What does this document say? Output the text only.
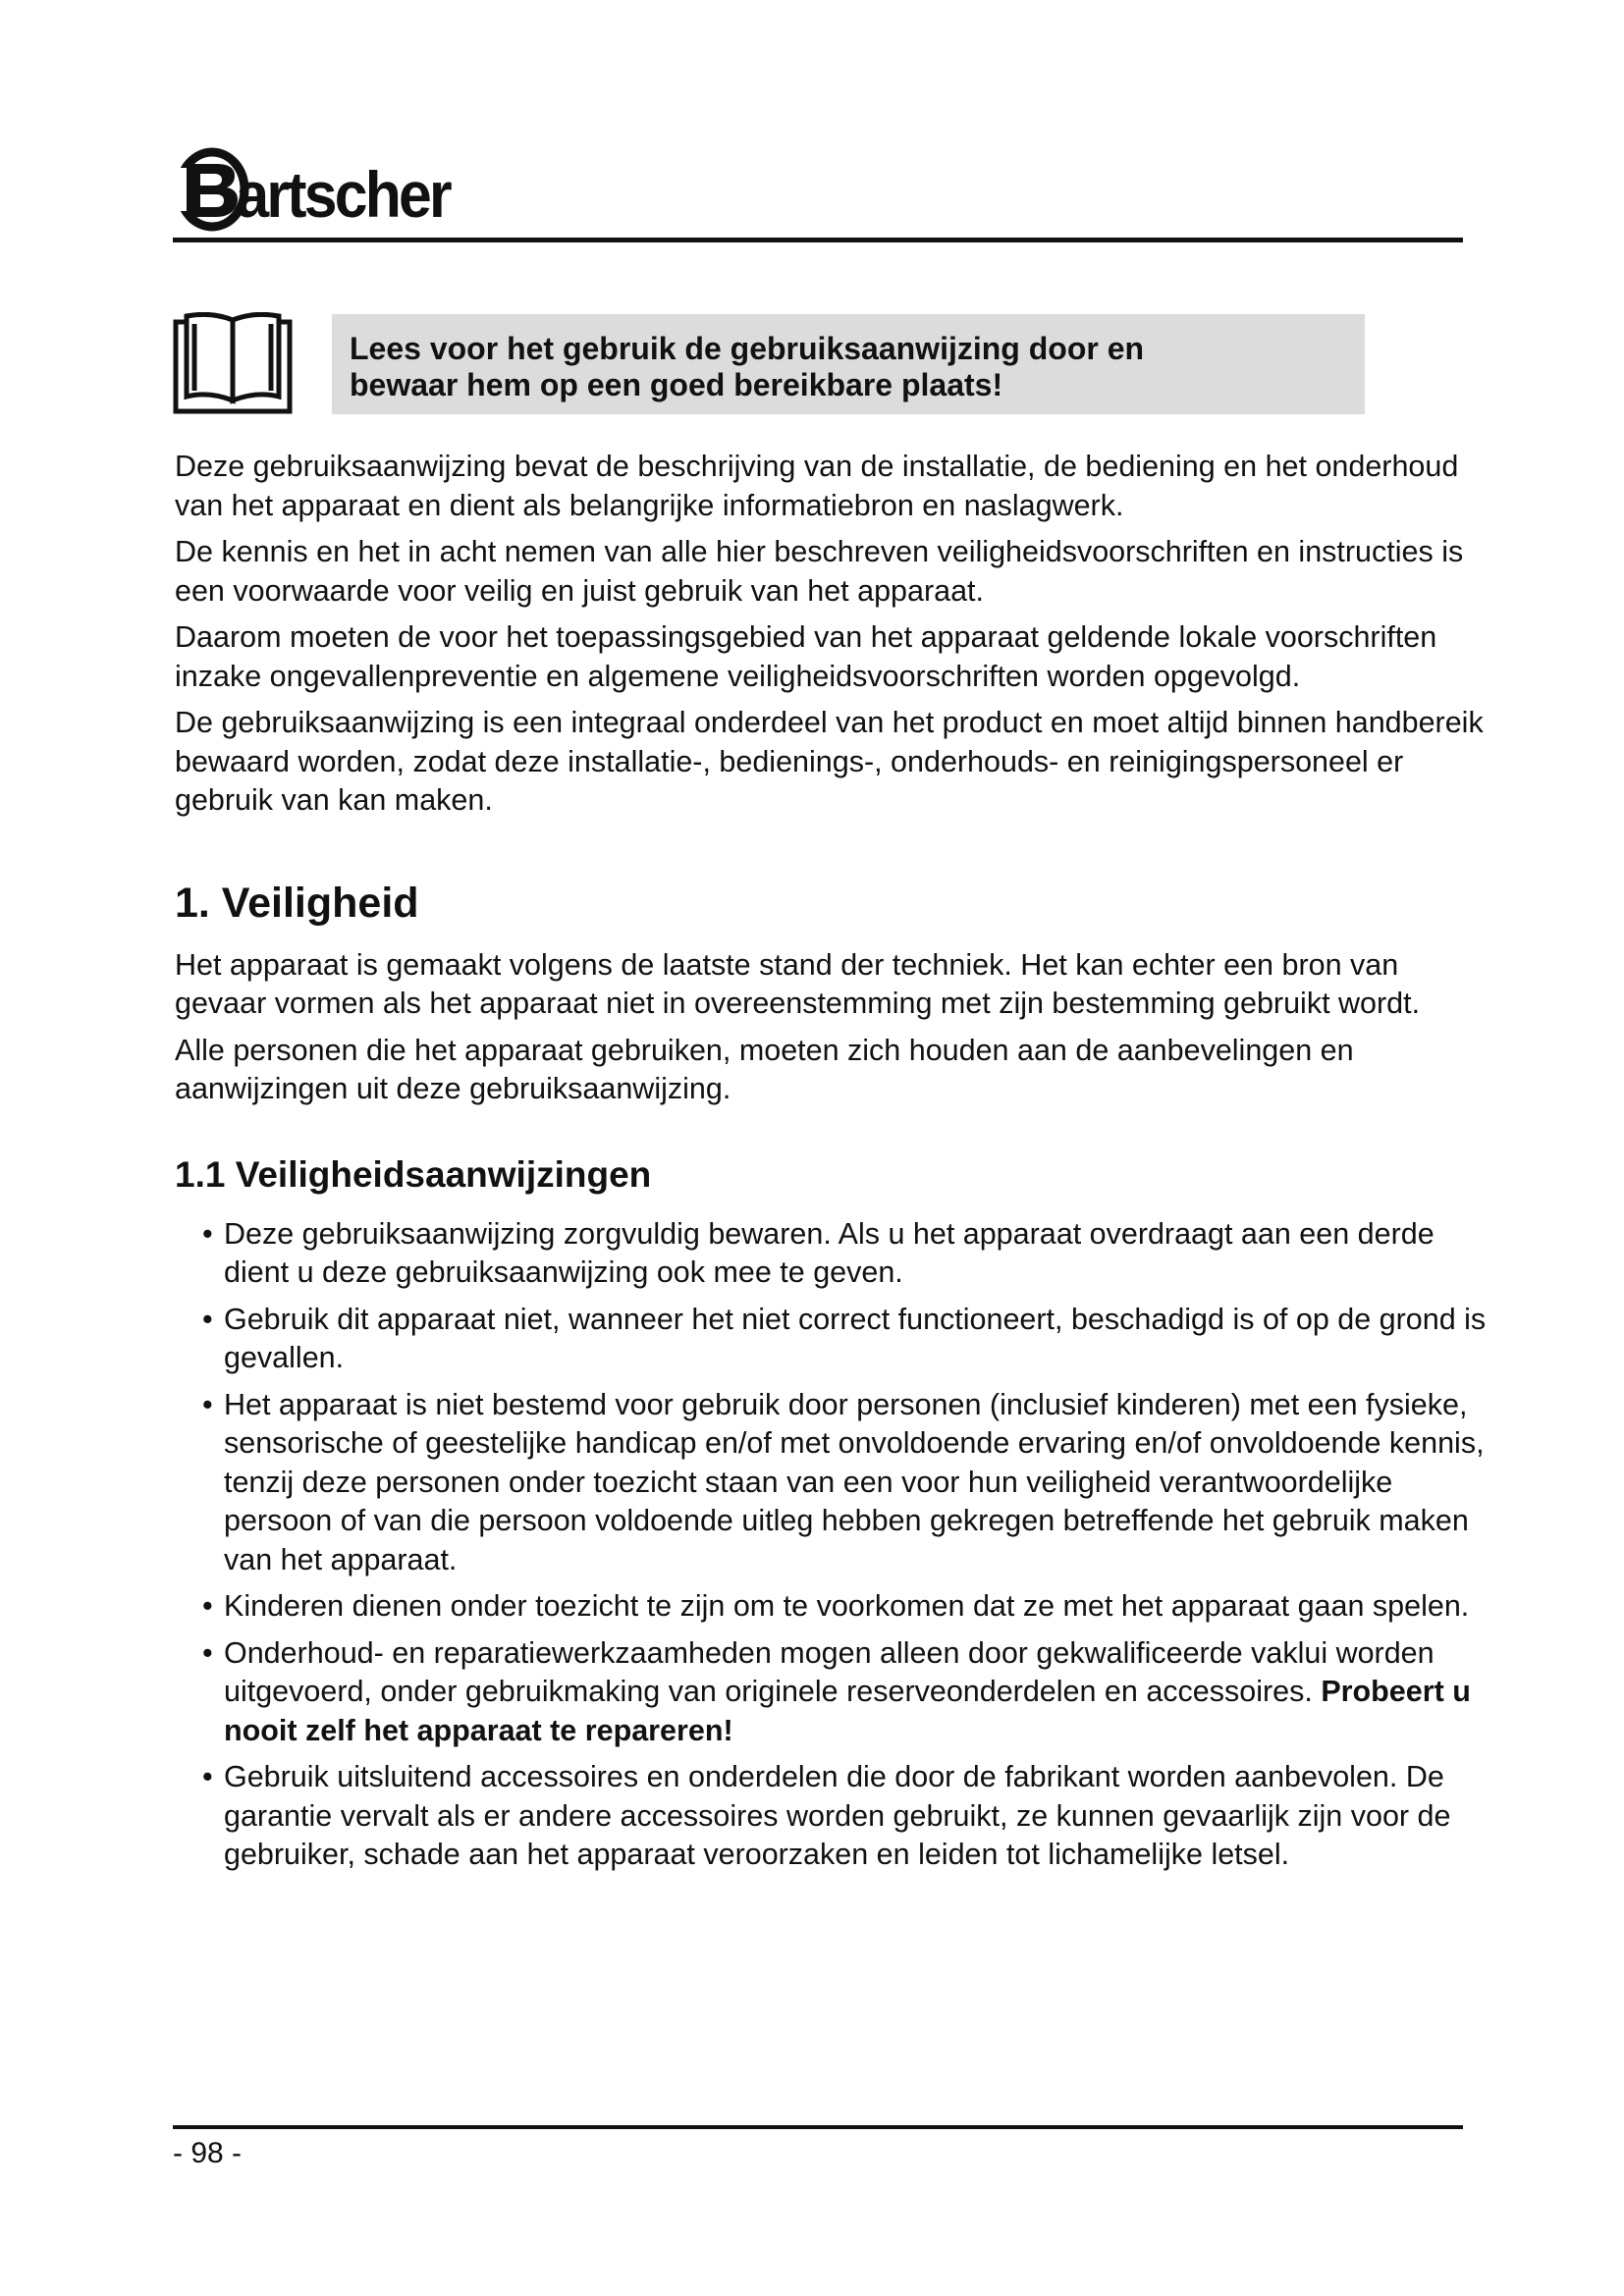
artscher
Lees voor het gebruik de gebruiksaanwijzing door en
bewaar hem op een goed bereikbare plaats!

Deze gebruiksaanwijzing bevat de beschrijving van de installatie, de bediening en het onderhoud van het apparaat en dient als belangrijke informatiebron en naslagwerk.

De kennis en het in acht nemen van alle hier beschreven veiligheidsvoorschriften en instructies is een voorwaarde voor veilig en juist gebruik van het apparaat.

Daarom moeten de voor het toepassingsgebied van het apparaat geldende lokale voorschriften inzake ongevallenpreventie en algemene veiligheidsvoorschriften worden opgevolgd.

De gebruiksaanwijzing is een integraal onderdeel van het product en moet altijd binnen handbereik bewaard worden, zodat deze installatie-, bedienings-, onderhouds- en reinigingspersoneel er gebruik van kan maken.

1. Veiligheid

Het apparaat is gemaakt volgens de laatste stand der techniek. Het kan echter een bron van gevaar vormen als het apparaat niet in overeenstemming met zijn bestemming gebruikt wordt.

Alle personen die het apparaat gebruiken, moeten zich houden aan de aanbevelingen en aanwijzingen uit deze gebruiksaanwijzing.

1.1 Veiligheidsaanwijzingen
• Deze gebruiksaanwijzing zorgvuldig bewaren. Als u het apparaat overdraagt aan een derde dient u deze gebruiksaanwijzing ook mee te geven.
• Gebruik dit apparaat niet, wanneer het niet correct functioneert, beschadigd is of op de grond is gevallen.
• Het apparaat is niet bestemd voor gebruik door personen (inclusief kinderen) met een fysieke, sensorische of geestelijke handicap en/of met onvoldoende ervaring en/of onvoldoende kennis, tenzij deze personen onder toezicht staan van een voor hun veiligheid verantwoordelijke persoon of van die persoon voldoende uitleg hebben gekregen betreffende het gebruik maken van het apparaat.
• Kinderen dienen onder toezicht te zijn om te voorkomen dat ze met het apparaat gaan spelen.
• Onderhoud- en reparatiewerkzaamheden mogen alleen door gekwalificeerde vaklui worden uitgevoerd, onder gebruikmaking van originele reserveonderdelen en accessoires. Probeert u nooit zelf het apparaat te repareren!
• Gebruik uitsluitend accessoires en onderdelen die door de fabrikant worden aanbevolen. De garantie vervalt als er andere accessoires worden gebruikt, ze kunnen gevaarlijk zijn voor de gebruiker, schade aan het apparaat veroorzaken en leiden tot lichamelijke letsel.
- 98 -
